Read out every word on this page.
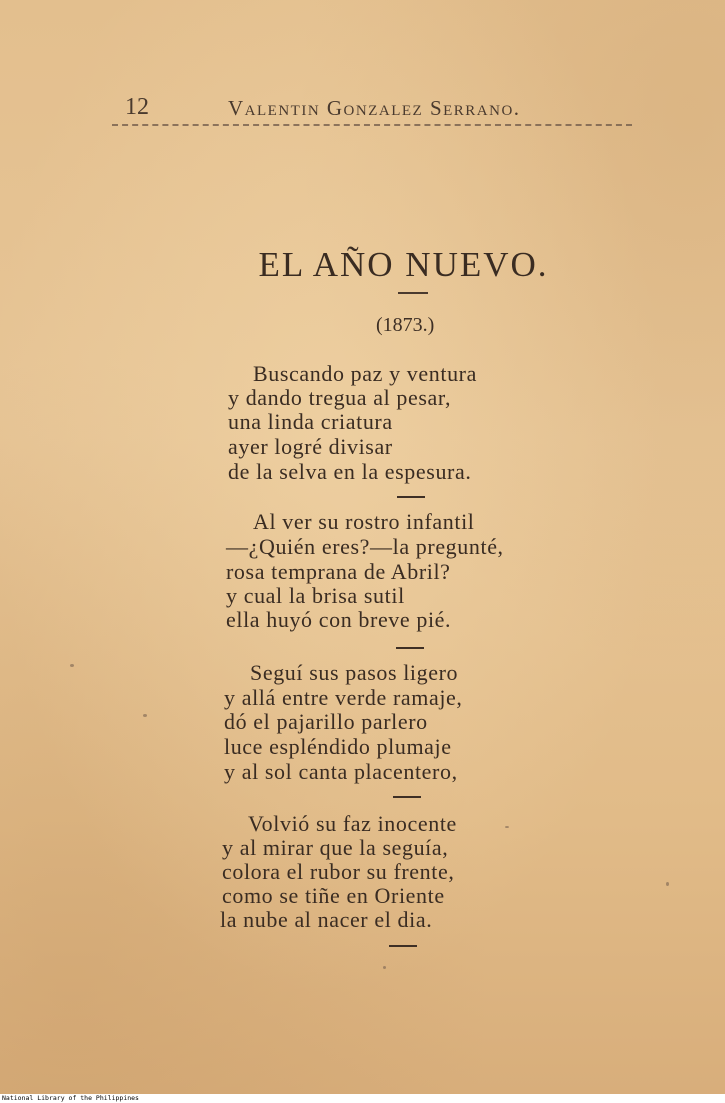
12	Valentin Gonzalez Serrano.
EL AÑO NUEVO.
(1873.)
Buscando paz y ventura
y dando tregua al pesar,
una linda criatura
ayer logré divisar
de la selva en la espesura.
Al ver su rostro infantil
—¿Quién eres?—la pregunté,
rosa temprana de Abril?
y cual la brisa sutil
ella huyó con breve pié.
Seguí sus pasos ligero
y allá entre verde ramaje,
dó el pajarillo parlero
luce espléndido plumaje
y al sol canta placentero,
Volvió su faz inocente
y al mirar que la seguía,
colora el rubor su frente,
como se tiñe en Oriente
la nube al nacer el dia.
National Library of the Philippines
